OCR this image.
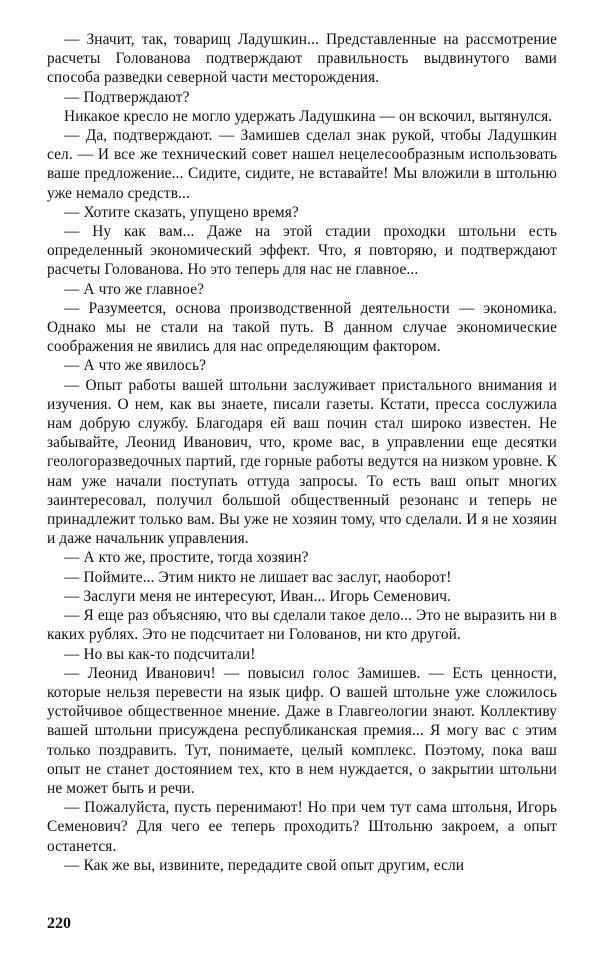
— Значит, так, товарищ Ладушкин... Представленные на рассмотрение расчеты Голованова подтверждают правильность выдвинутого вами способа разведки северной части месторождения.

— Подтверждают?

Никакое кресло не могло удержать Ладушкина — он вскочил, вытянулся.

— Да, подтверждают. — Замишев сделал знак рукой, чтобы Ладушкин сел. — И все же технический совет нашел нецелесообразным использовать ваше предложение... Сидите, сидите, не вставайте! Мы вложили в штольню уже немало средств...

— Хотите сказать, упущено время?

— Ну как вам... Даже на этой стадии проходки штольни есть определенный экономический эффект. Что, я повторяю, и подтверждают расчеты Голованова. Но это теперь для нас не главное...

— А что же главное?

— Разумеется, основа производственной деятельности — экономика. Однако мы не стали на такой путь. В данном случае экономические соображения не явились для нас определяющим фактором.

— А что же явилось?

— Опыт работы вашей штольни заслуживает пристального внимания и изучения. О нем, как вы знаете, писали газеты. Кстати, пресса сослужила нам добрую службу. Благодаря ей ваш почин стал широко известен. Не забывайте, Леонид Иванович, что, кроме вас, в управлении еще десятки геологоразведочных партий, где горные работы ведутся на низком уровне. К нам уже начали поступать оттуда запросы. То есть ваш опыт многих заинтересовал, получил большой общественный резонанс и теперь не принадлежит только вам. Вы уже не хозяин тому, что сделали. И я не хозяин и даже начальник управления.

— А кто же, простите, тогда хозяин?

— Поймите... Этим никто не лишает вас заслуг, наоборот!

— Заслуги меня не интересуют, Иван... Игорь Семенович.

— Я еще раз объясняю, что вы сделали такое дело... Это не выразить ни в каких рублях. Это не подсчитает ни Голованов, ни кто другой.

— Но вы как-то подсчитали!

— Леонид Иванович! — повысил голос Замишев. — Есть ценности, которые нельзя перевести на язык цифр. О вашей штольне уже сложилось устойчивое общественное мнение. Даже в Главгеологии знают. Коллективу вашей штольни присуждена республиканская премия... Я могу вас с этим только поздравить. Тут, понимаете, целый комплекс. Поэтому, пока ваш опыт не станет достоянием тех, кто в нем нуждается, о закрытии штольни не может быть и речи.

— Пожалуйста, пусть перенимают! Но при чем тут сама штольня, Игорь Семенович? Для чего ее теперь проходить? Штольню закроем, а опыт останется.

— Как же вы, извините, передадите свой опыт другим, если

220
